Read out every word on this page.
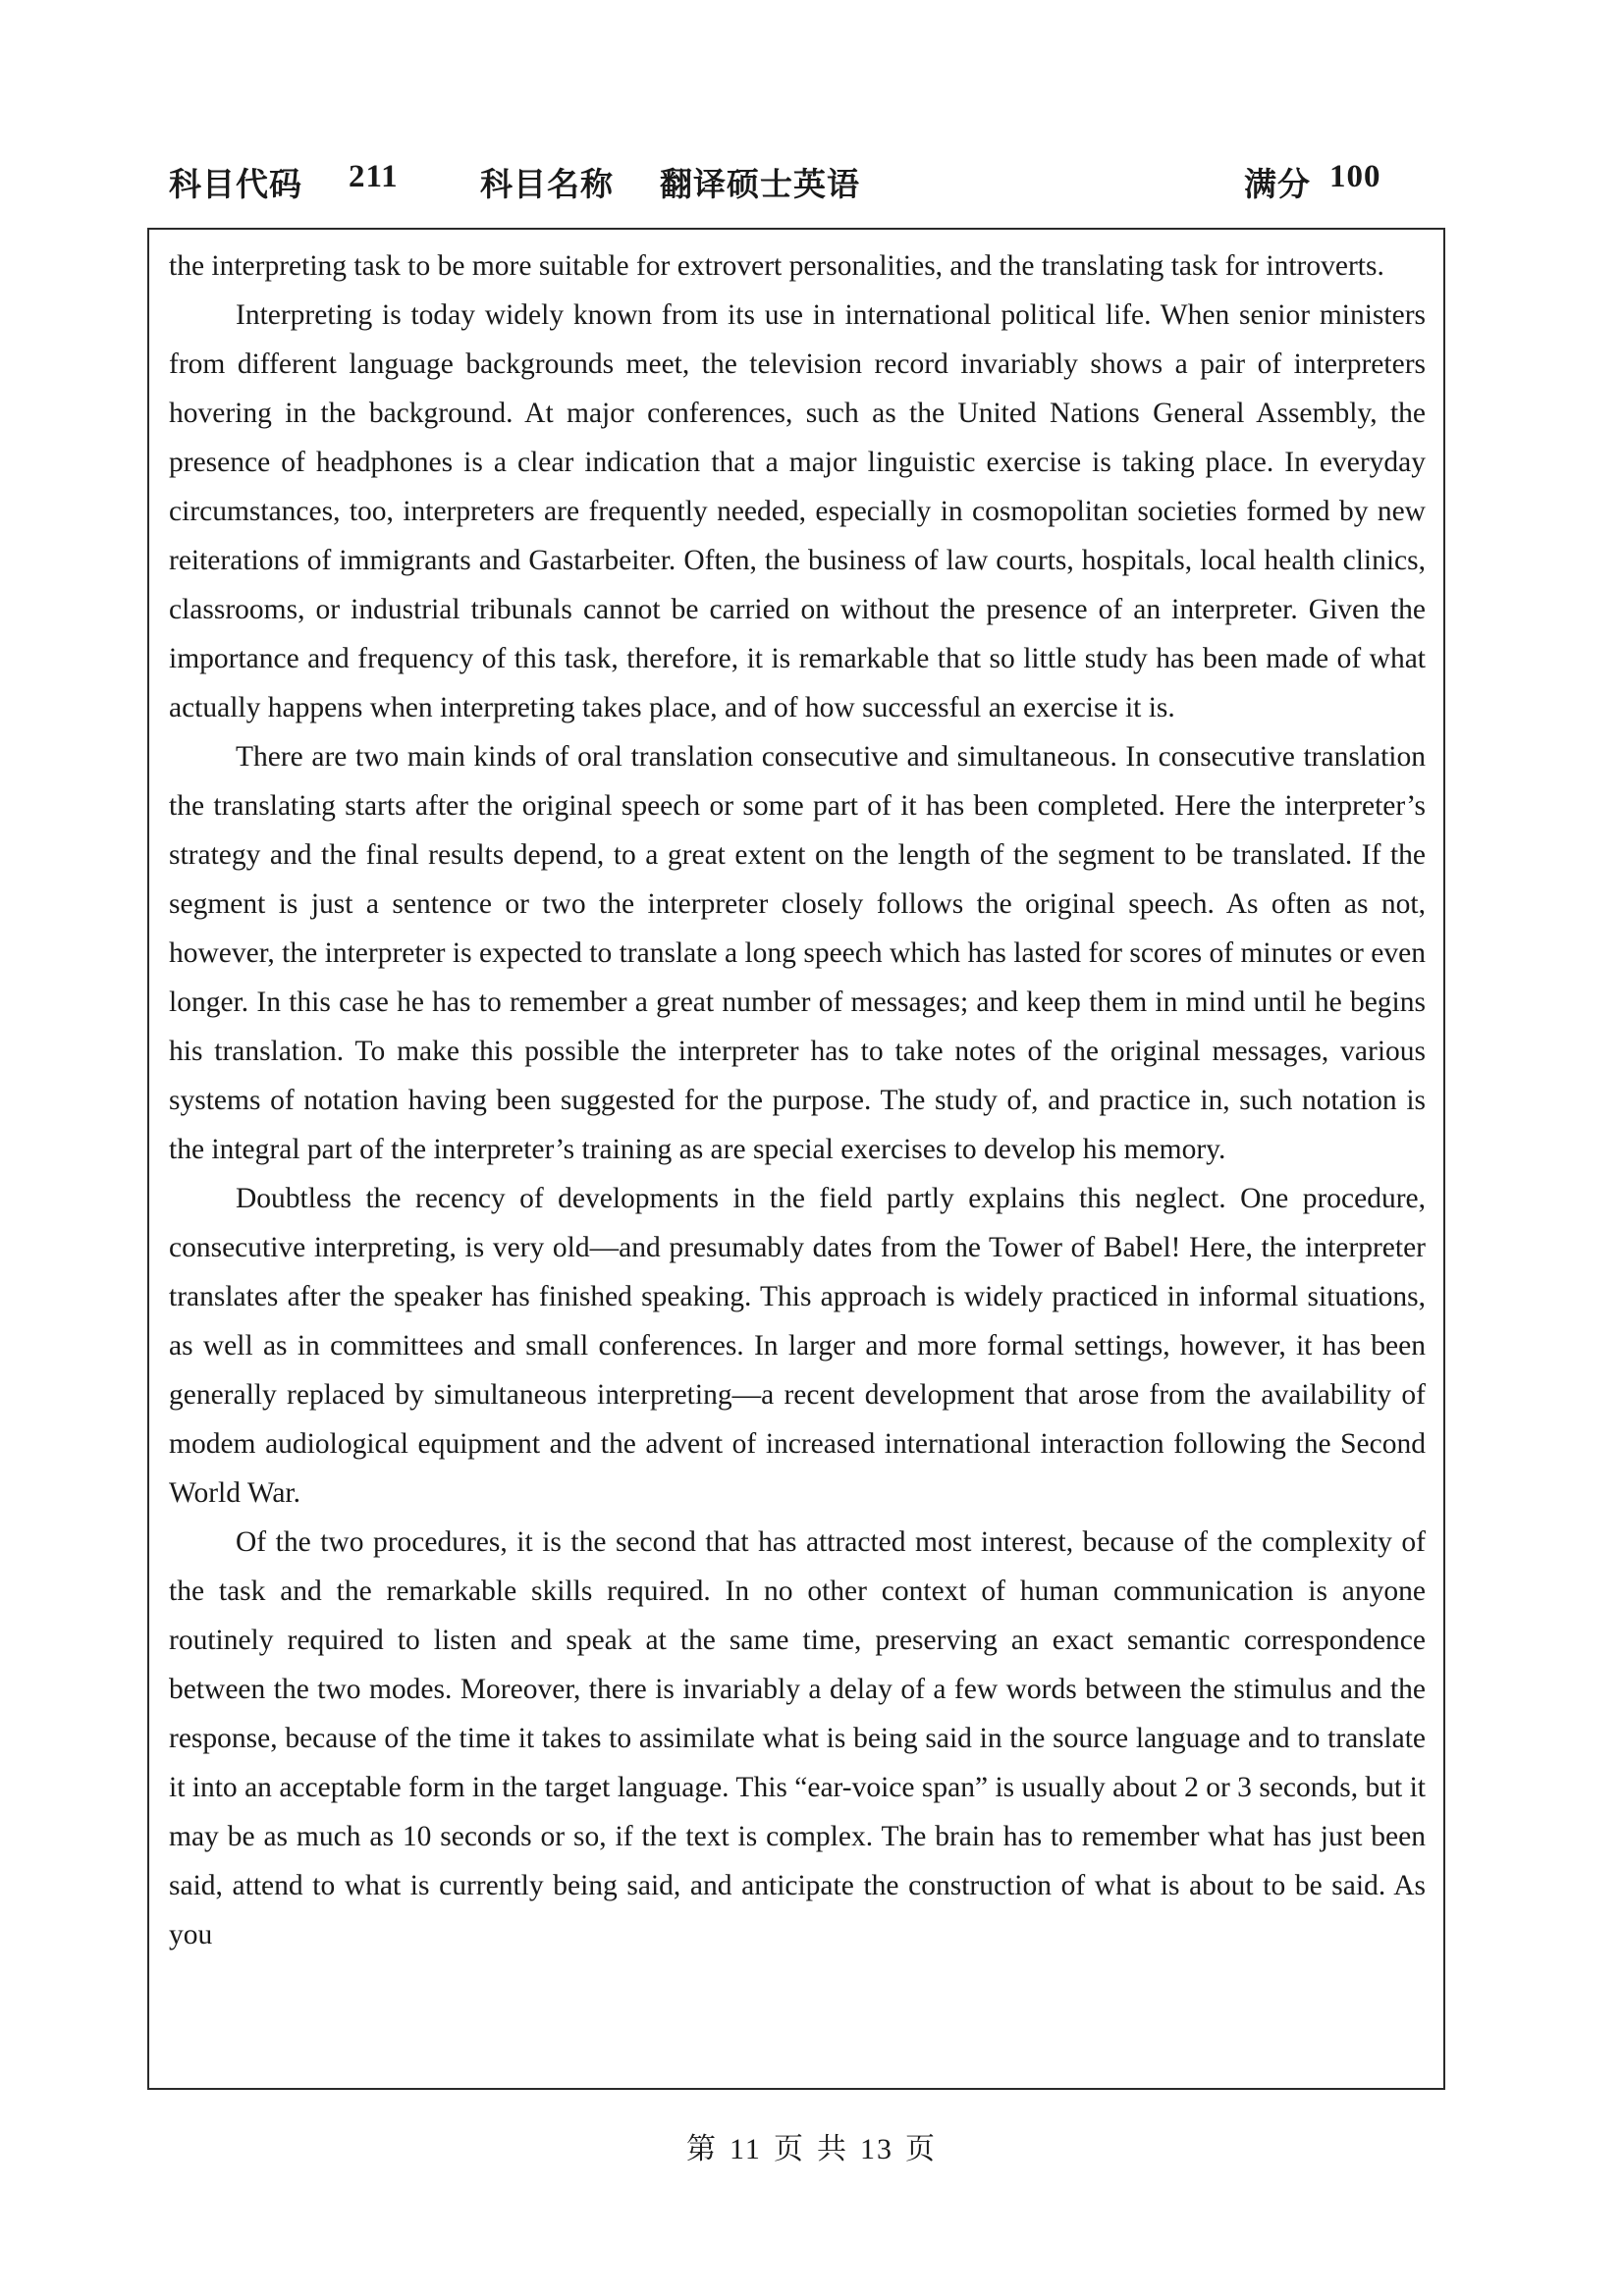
科目代码 211	科目名称 翻译硕士英语	满分 100

the interpreting task to be more suitable for extrovert personalities, and the translating task for introverts.

Interpreting is today widely known from its use in international political life. When senior ministers from different language backgrounds meet, the television record invariably shows a pair of interpreters hovering in the background. At major conferences, such as the United Nations General Assembly, the presence of headphones is a clear indication that a major linguistic exercise is taking place. In everyday circumstances, too, interpreters are frequently needed, especially in cosmopolitan societies formed by new reiterations of immigrants and Gastarbeiter. Often, the business of law courts, hospitals, local health clinics, classrooms, or industrial tribunals cannot be carried on without the presence of an interpreter. Given the importance and frequency of this task, therefore, it is remarkable that so little study has been made of what actually happens when interpreting takes place, and of how successful an exercise it is.

There are two main kinds of oral translation consecutive and simultaneous. In consecutive translation the translating starts after the original speech or some part of it has been completed. Here the interpreter’s strategy and the final results depend, to a great extent on the length of the segment to be translated. If the segment is just a sentence or two the interpreter closely follows the original speech. As often as not, however, the interpreter is expected to translate a long speech which has lasted for scores of minutes or even longer. In this case he has to remember a great number of messages; and keep them in mind until he begins his translation. To make this possible the interpreter has to take notes of the original messages, various systems of notation having been suggested for the purpose. The study of, and practice in, such notation is the integral part of the interpreter’s training as are special exercises to develop his memory.

Doubtless the recency of developments in the field partly explains this neglect. One procedure, consecutive interpreting, is very old—and presumably dates from the Tower of Babel! Here, the interpreter translates after the speaker has finished speaking. This approach is widely practiced in informal situations, as well as in committees and small conferences. In larger and more formal settings, however, it has been generally replaced by simultaneous interpreting—a recent development that arose from the availability of modem audiological equipment and the advent of increased international interaction following the Second World War.

Of the two procedures, it is the second that has attracted most interest, because of the complexity of the task and the remarkable skills required. In no other context of human communication is anyone routinely required to listen and speak at the same time, preserving an exact semantic correspondence between the two modes. Moreover, there is invariably a delay of a few words between the stimulus and the response, because of the time it takes to assimilate what is being said in the source language and to translate it into an acceptable form in the target language. This “ear-voice span” is usually about 2 or 3 seconds, but it may be as much as 10 seconds or so, if the text is complex. The brain has to remember what has just been said, attend to what is currently being said, and anticipate the construction of what is about to be said. As you

第 11 页 共 13 页
